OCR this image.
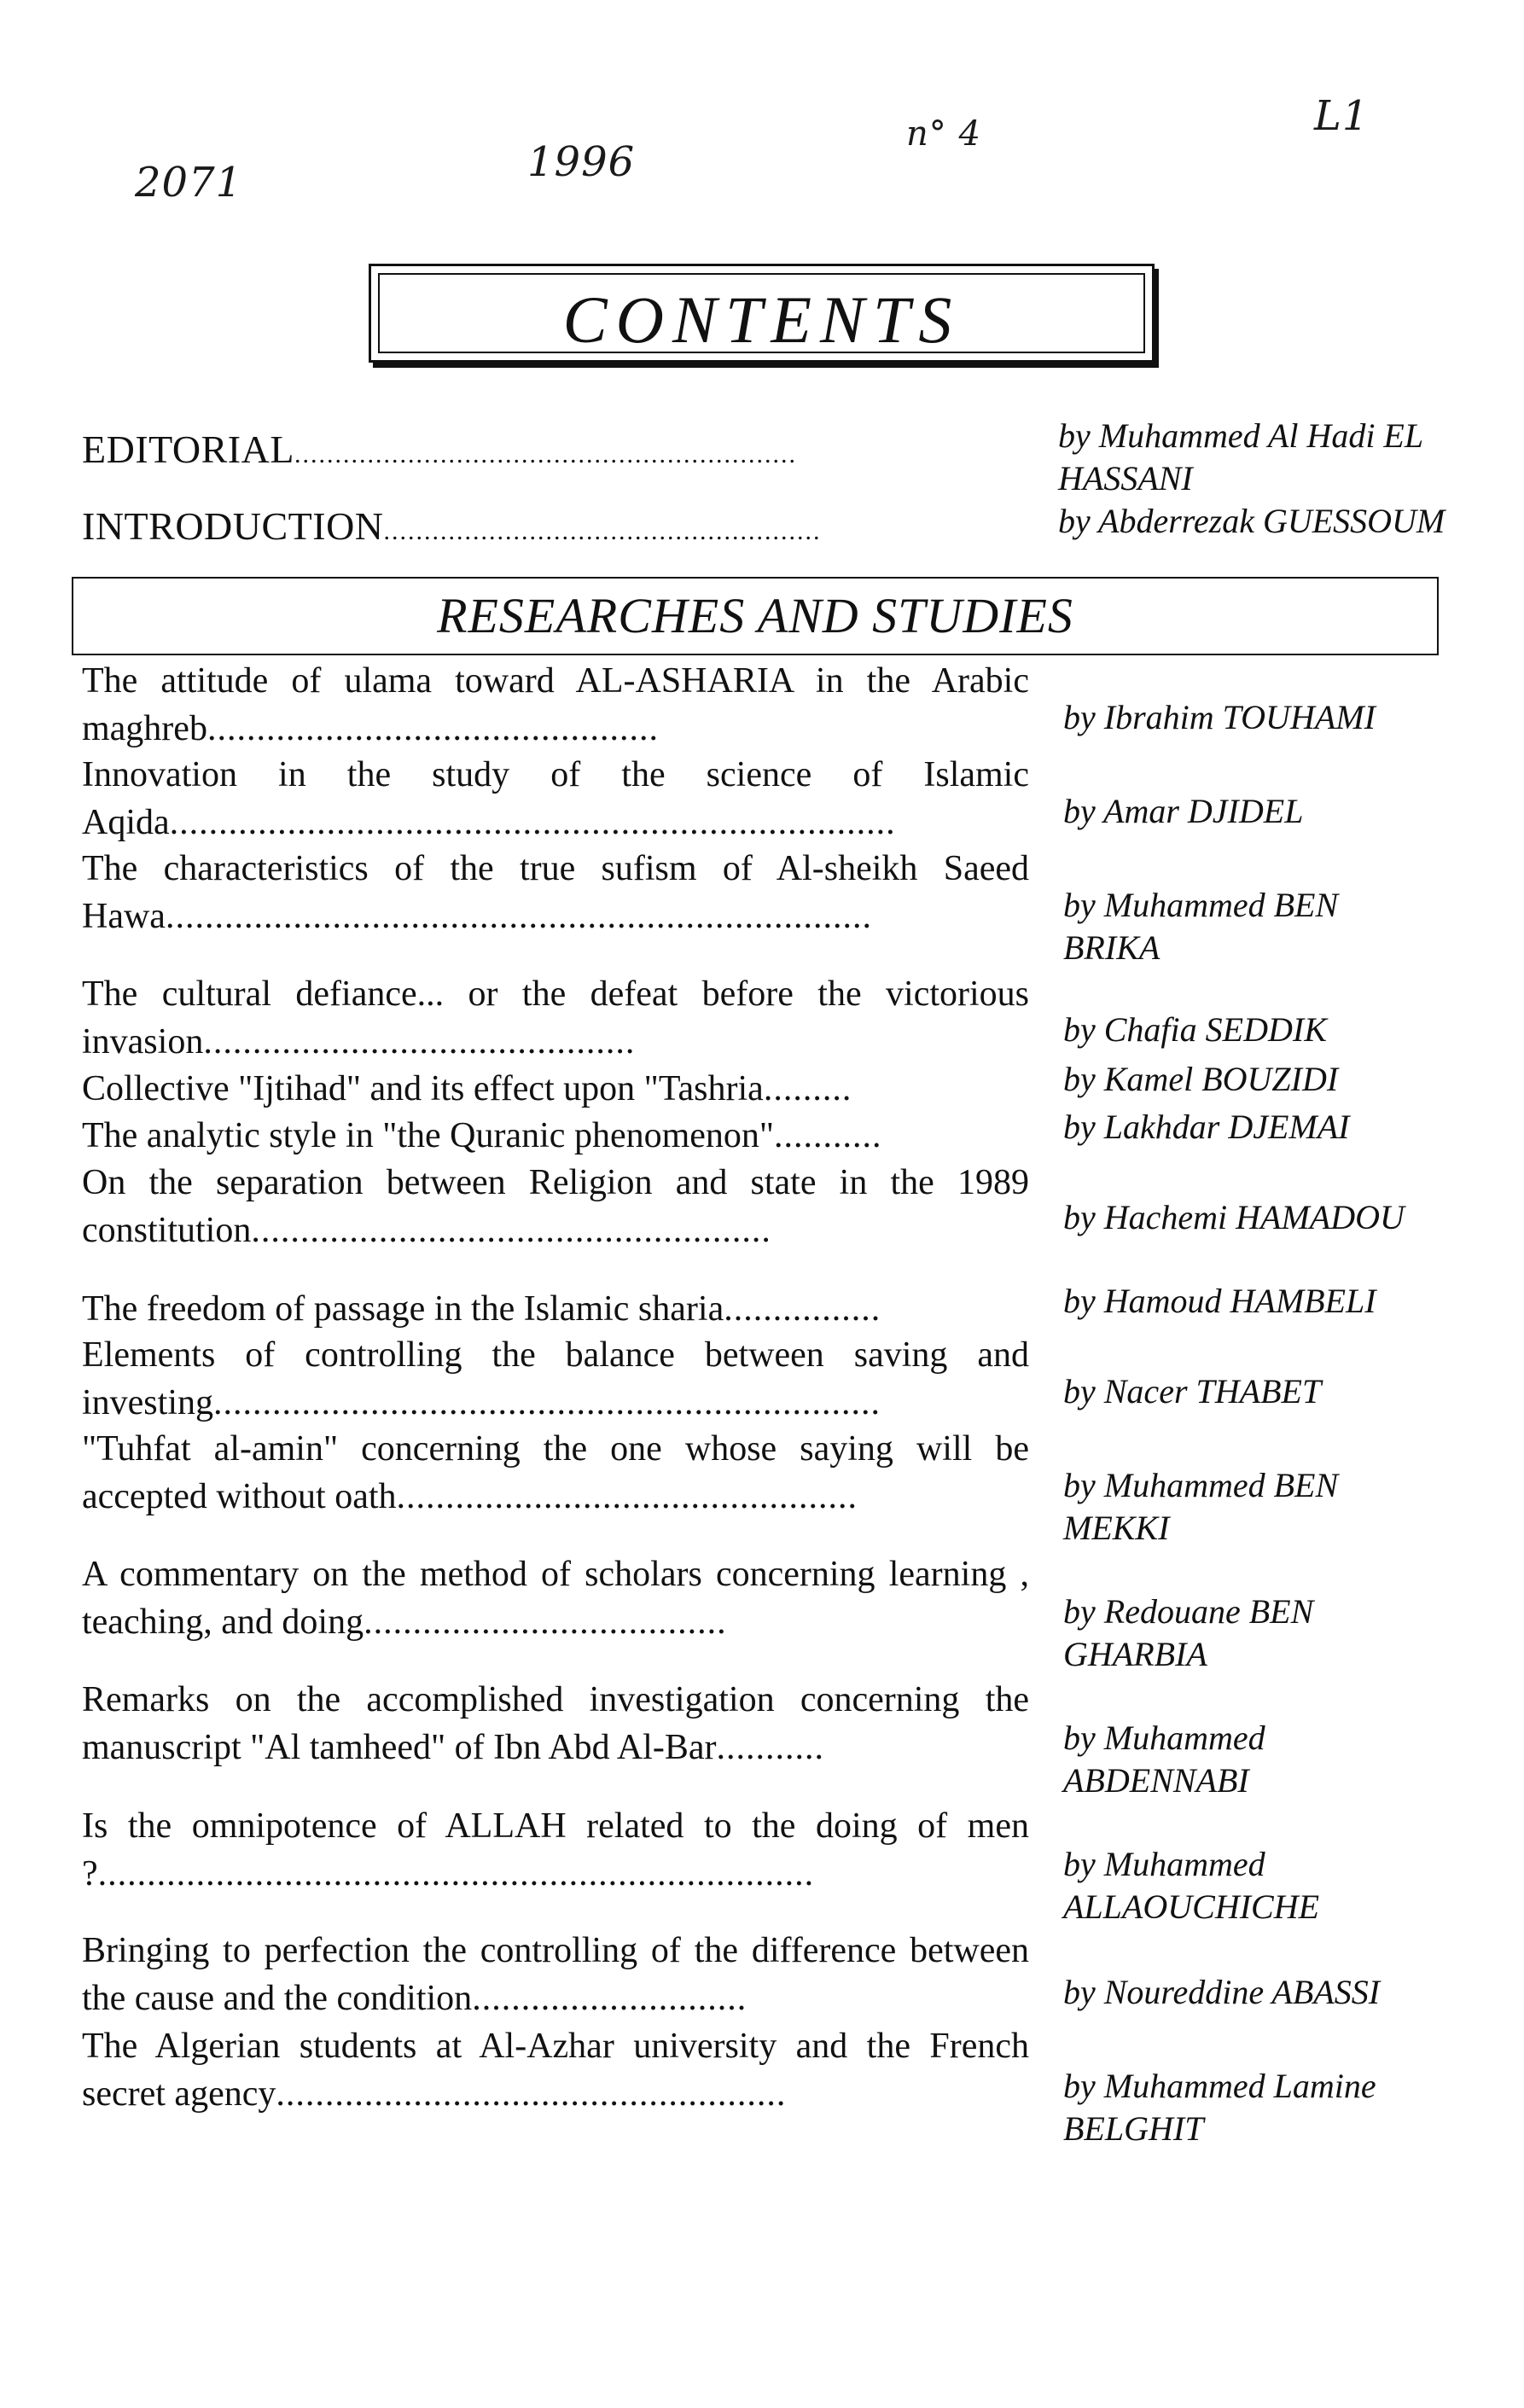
2071	1996
n° 4	L1
CONTENTS
EDITORIAL..............................................................	by Muhammed Al Hadi EL HASSANI
INTRODUCTION......................................................	by Abderrezak GUESSOUM
RESEARCHES AND STUDIES
The attitude of ulama toward AL-ASHARIA in the Arabic maghreb..............................................	by Ibrahim TOUHAMI
Innovation in the study of the science of Islamic Aqida..........................................................................	by Amar DJIDEL
The characteristics of the true sufism of Al-sheikh Saeed Hawa........................................................................	by Muhammed BEN BRIKA
The cultural defiance... or the defeat before the victorious invasion............................................	by Chafia SEDDIK
Collective "Ijtihad" and its effect upon "Tashria.........	by Kamel BOUZIDI
The analytic style in "the Quranic phenomenon"...........	by Lakhdar DJEMAI
On the separation between Religion and state in the 1989 constitution.....................................................	by Hachemi HAMADOU
The freedom of passage in the Islamic sharia................	by Hamoud HAMBELI
Elements of controlling the balance between saving and investing....................................................................	by Nacer THABET
"Tuhfat al-amin" concerning the one whose saying will be accepted without oath...............................................	by Muhammed BEN MEKKI
A commentary on the method of scholars concerning learning , teaching, and doing.....................................	by Redouane BEN GHARBIA
Remarks on the accomplished investigation concerning the manuscript "Al tamheed" of Ibn Abd Al-Bar...........	by Muhammed ABDENNABI
Is the omnipotence of ALLAH related to the doing of men ?.........................................................................	by Muhammed ALLAOUCHICHE
Bringing to perfection the controlling of the difference between the cause and the condition............................	by Noureddine ABASSI
The Algerian students at Al-Azhar university and the French secret agency....................................................	by Muhammed Lamine BELGHIT
